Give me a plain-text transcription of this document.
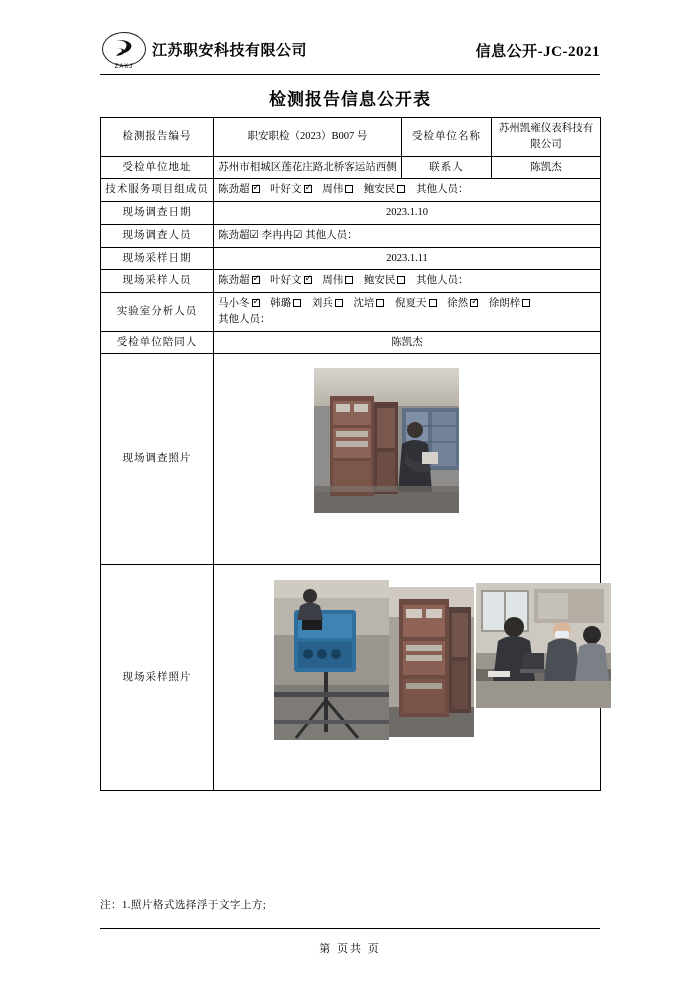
ZAKJ
江苏职安科技有限公司	信息公开-JC-2021
检测报告信息公开表
检测报告编号	职安职检（2023）B007 号	受检单位名称	苏州凯雍仪表科技有限公司
受检单位地址	苏州市相城区莲花庄路北桥客运站西侧	联系人	陈凯杰
技术服务项目组成员	陈劲超 ✓ 叶好文 ✓ 周伟 鲍安民 其他人员：
现场调查日期	2023.1.10		
现场调查人员	陈劲超☑ 李冉冉☑ 其他人员：		
现场采样日期	2023.1.11		
现场采样人员	陈劲超 ✓ 叶好文 ✓ 周伟 鲍安民 其他人员：
实验室分析人员	马小冬 ✓ 韩璐 刘兵 沈培 倪夏天 徐然 ✓ 徐朗梓
其他人员：

受检单位陪同人	陈凯杰		
现场调查照片	

现场采样照片	
注：1.照片格式选择浮于文字上方;
第 页共 页
